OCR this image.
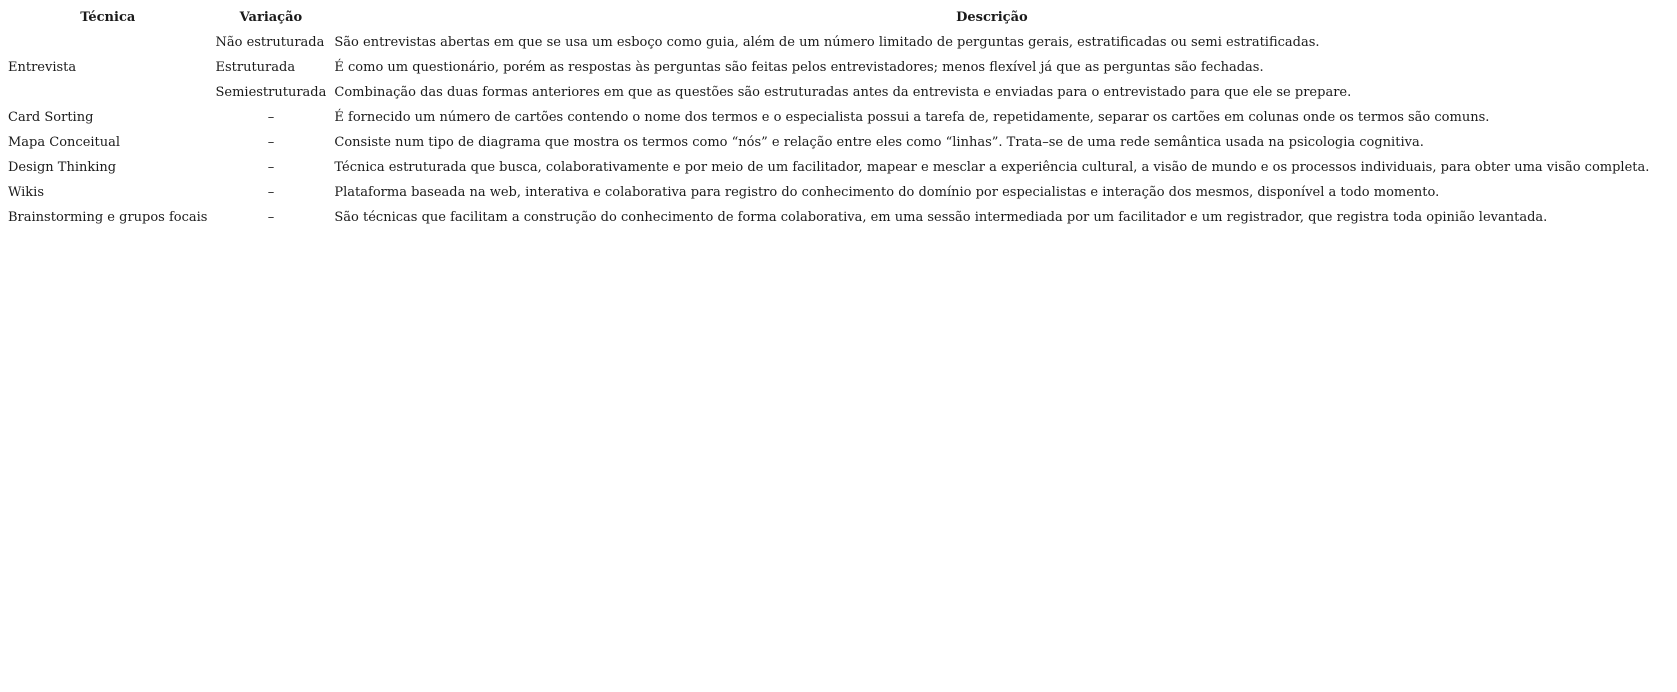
Técnica	Variação	Descrição
Entrevista	Não estruturada	São entrevistas abertas em que se usa um esboço como guia, além de um número limitado de perguntas gerais, estratificadas ou semi estratificadas.
	Estruturada	É como um questionário, porém as respostas às perguntas são feitas pelos entrevistadores; menos flexível já que as perguntas são fechadas.
	Semiestruturada	Combinação das duas formas anteriores em que as questões são estruturadas antes da entrevista e enviadas para o entrevistado para que ele se prepare.
Card Sorting	–	É fornecido um número de cartões contendo o nome dos termos e o especialista possui a tarefa de, repetidamente, separar os cartões em colunas onde os termos são comuns.
Mapa Conceitual	–	Consiste num tipo de diagrama que mostra os termos como “nós” e relação entre eles como “linhas”. Trata–se de uma rede semântica usada na psicologia cognitiva.
Design Thinking	–	Técnica estruturada que busca, colaborativamente e por meio de um facilitador, mapear e mesclar a experiência cultural, a visão de mundo e os processos individuais, para obter uma visão completa.
Wikis	–	Plataforma baseada na web, interativa e colaborativa para registro do conhecimento do domínio por especialistas e interação dos mesmos, disponível a todo momento.
Brainstorming e grupos focais	–	São técnicas que facilitam a construção do conhecimento de forma colaborativa, em uma sessão intermediada por um facilitador e um registrador, que registra toda opinião levantada.
